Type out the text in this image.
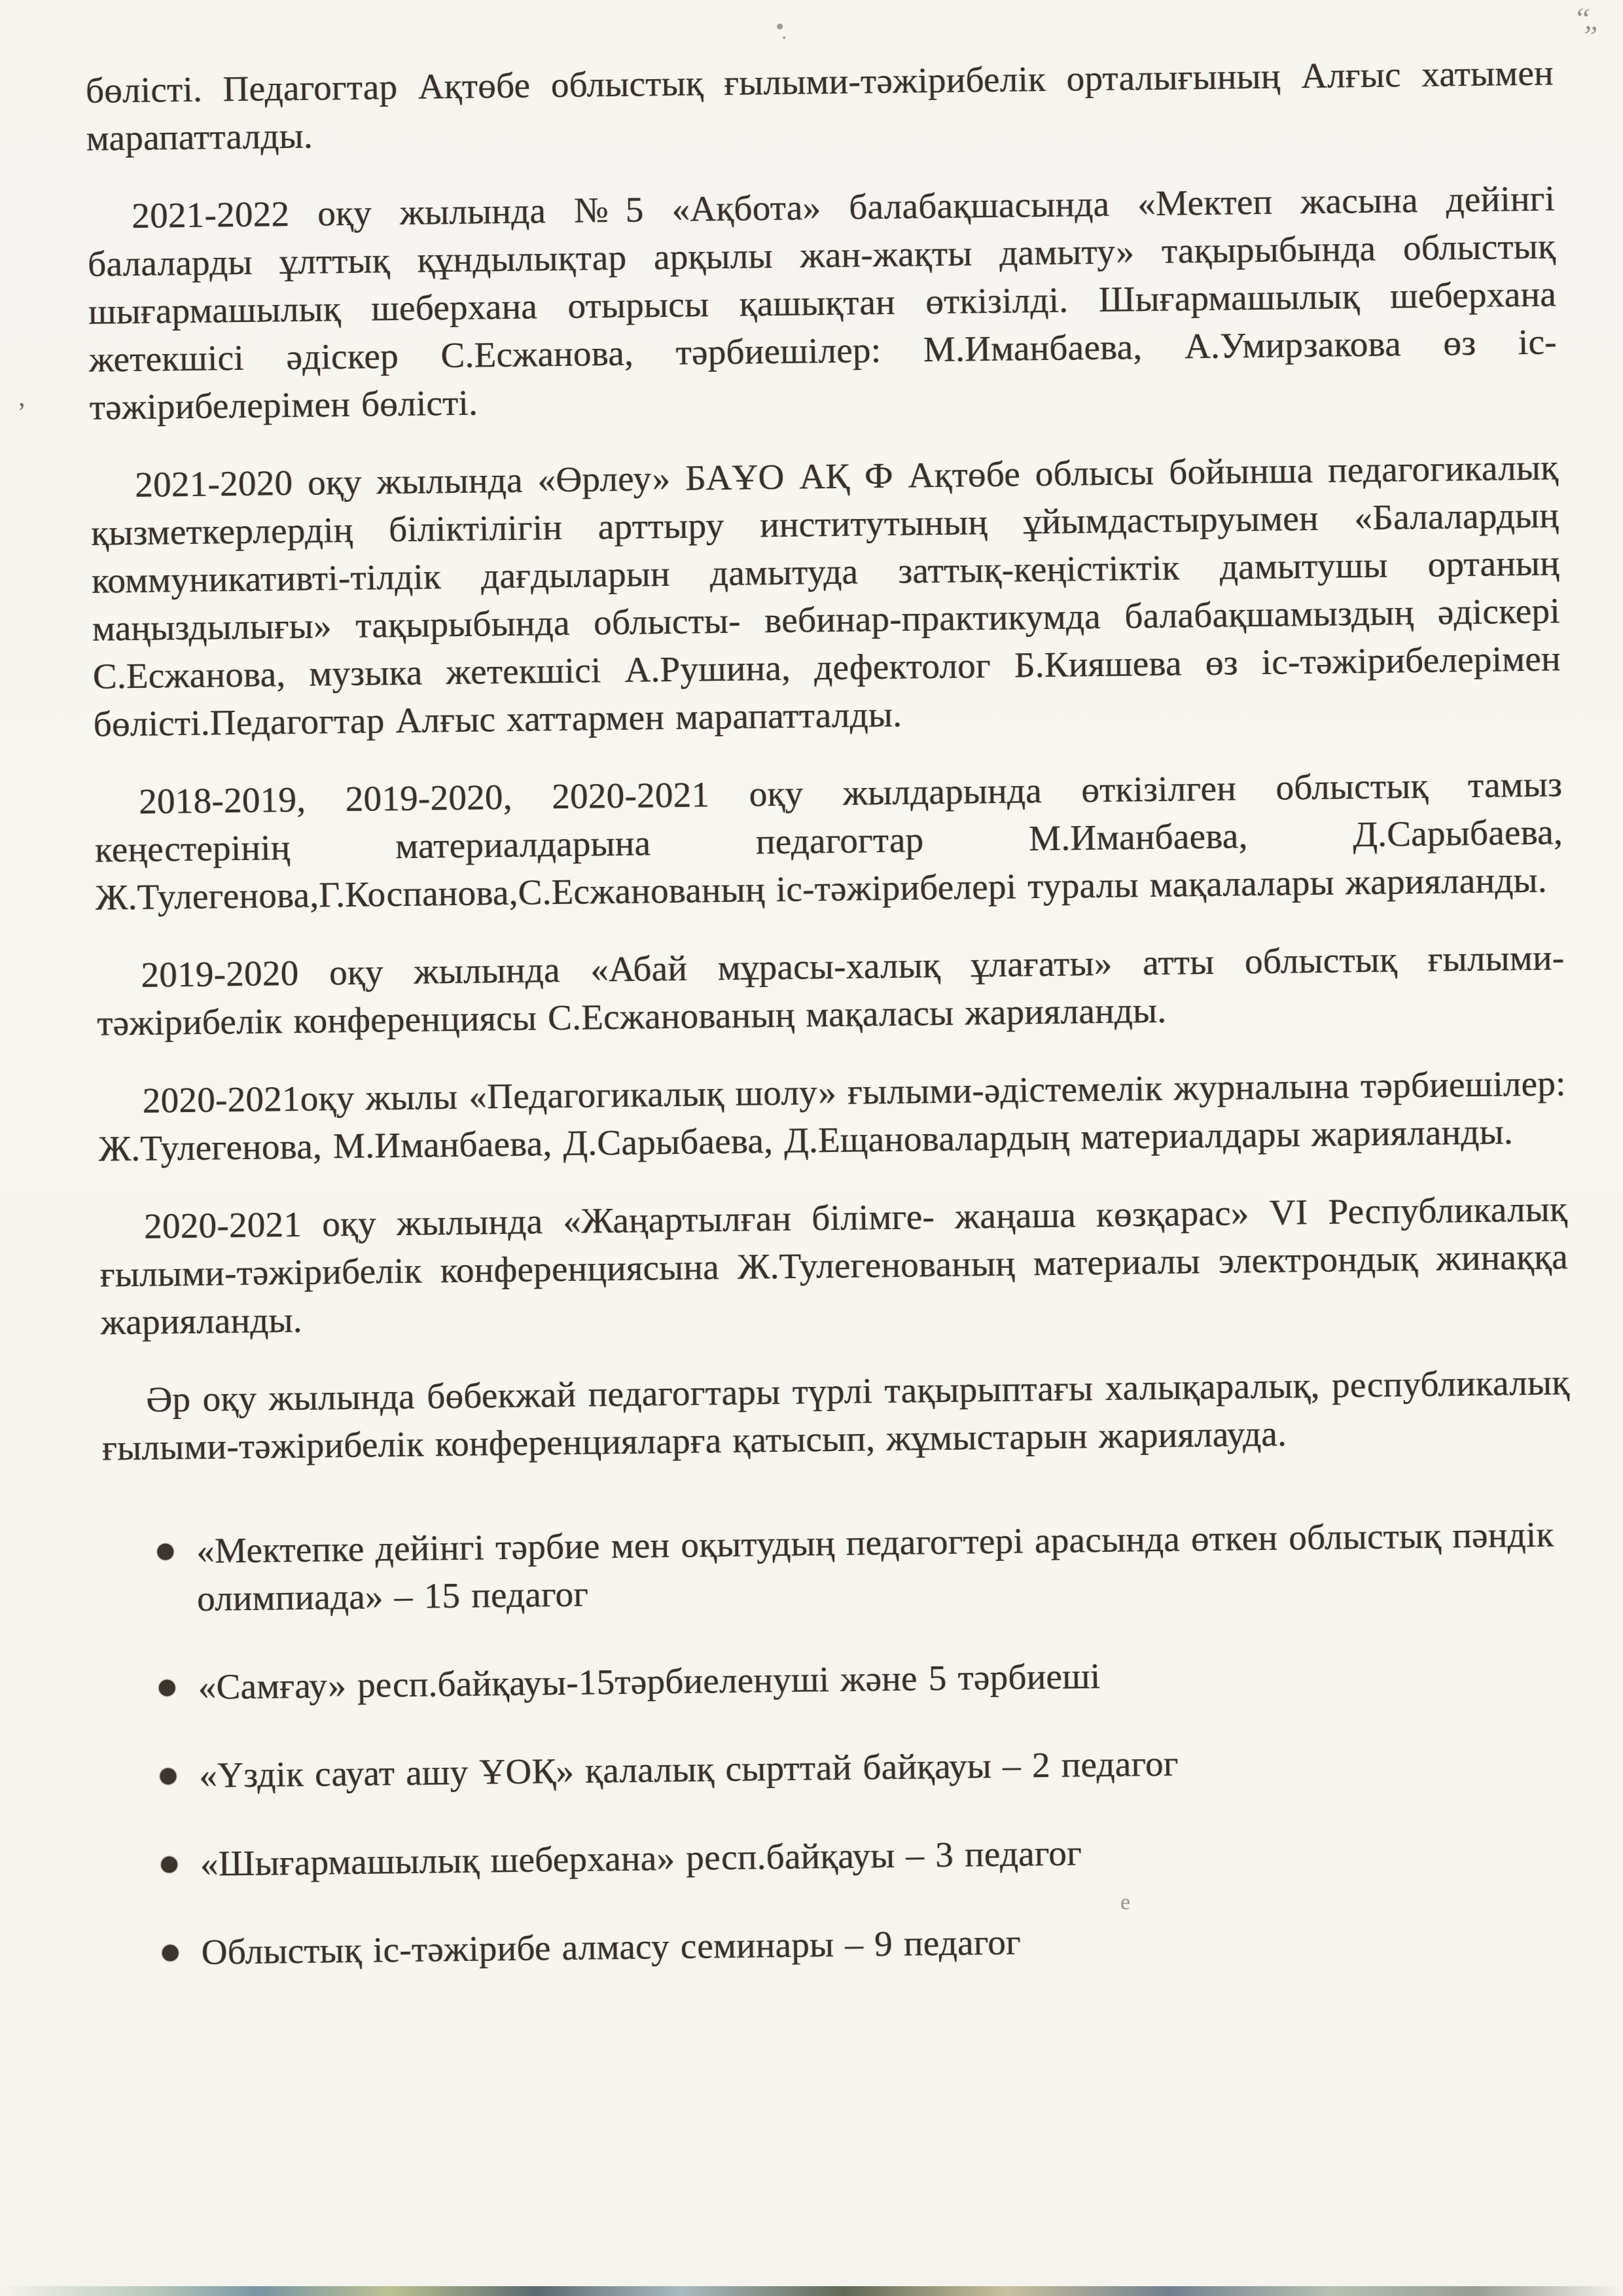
бөлісті. Педагогтар Ақтөбе облыстық ғылыми-тәжірибелік орталығының Алғыс хатымен марапатталды.

2021-2022 оқу жылында №5 «Ақбота» балабақшасында «Мектеп жасына дейінгі балаларды ұлттық құндылықтар арқылы жан-жақты дамыту» тақырыбында облыстық шығармашылық шеберхана отырысы қашықтан өткізілді. Шығармашылық шеберхана жетекшісі әдіскер С.Есжанова, тәрбиешілер: М.Иманбаева, А.Умирзакова өз іс-тәжірибелерімен бөлісті.

2021-2020 оқу жылында «Өрлеу» БАҰО АҚ Ф Ақтөбе облысы бойынша педагогикалық қызметкерлердің біліктілігін арттыру институтының ұйымдастыруымен «Балалардың коммуникативті-тілдік дағдыларын дамытуда заттық-кеңістіктік дамытушы ортаның маңыздылығы» тақырыбында облысты- вебинар-практикумда балабақшамыздың әдіскері С.Есжанова, музыка жетекшісі А.Рушина, дефектолог Б.Кияшева өз іс-тәжірибелерімен бөлісті.Педагогтар Алғыс хаттармен марапатталды.

2018-2019, 2019-2020, 2020-2021 оқу жылдарында өткізілген облыстық тамыз кеңестерінің материалдарына педагогтар М.Иманбаева, Д.Сарыбаева, Ж.Тулегенова,Г.Коспанова,С.Есжанованың іс-тәжірибелері туралы мақалалары жарияланды.

2019-2020 оқу жылында «Абай мұрасы-халық ұлағаты» атты облыстық ғылыми-тәжірибелік конференциясы С.Есжанованың мақаласы жарияланды.

2020-2021оқу жылы «Педагогикалық шолу» ғылыми-әдістемелік журналына тәрбиешілер: Ж.Тулегенова, М.Иманбаева, Д.Сарыбаева, Д.Ещановалардың материалдары жарияланды.

2020-2021 оқу жылында «Жаңартылған білімге- жаңаша көзқарас» VI Республикалық ғылыми-тәжірибелік конференциясына Ж.Тулегенованың материалы электрондық жинаққа жарияланды.

Әр оқу жылында бөбекжай педагогтары түрлі тақырыптағы халықаралық, республикалық ғылыми-тәжірибелік конференцияларға қатысып, жұмыстарын жариялауда.

«Мектепке дейінгі тәрбие мен оқытудың педагогтері арасында өткен облыстық пәндік олимпиада» – 15 педагог
«Самғау» респ.байқауы-15тәрбиеленуші және 5 тәрбиеші
«Үздік сауат ашу ҰОҚ» қалалық сырттай байқауы – 2 педагог
«Шығармашылық шеберхана» респ.байқауы – 3 педагог
Облыстық іс-тәжірибе алмасу семинары – 9 педагог
“„
’
е
•̣
